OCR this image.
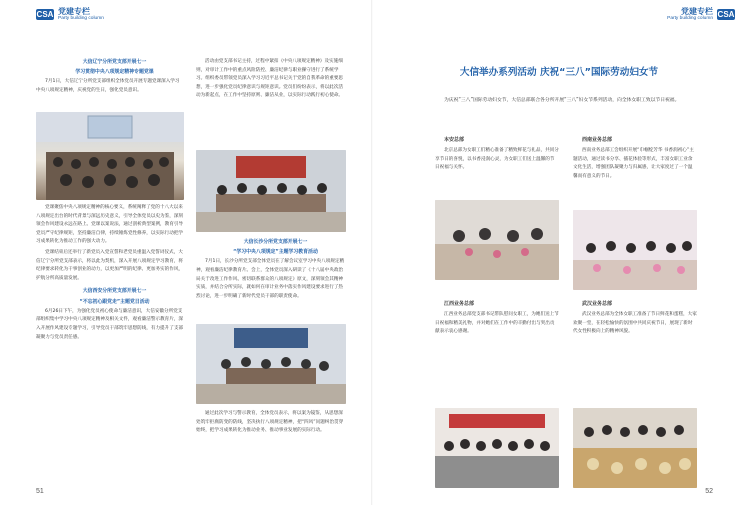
CSA 党建专栏
Party building column

大信辽宁分所党支部开展七一

学习贯彻中央八项规定精神专题党课

7月1日，大信辽宁分所党支部组织全体党员开展专题党课深入学习中央八项规定精神，庆祝党的生日，强化党员意识。

党课聚焦中央八项规定精神的核心要义，系统阐释了党的十八大以来八项规定出台的时代背景与深远历史意义，引导全体党员以史为鉴，深刻领会作风建设永远在路上。党课以案说法，通过剖析典型案例，教育引导党员严守纪律规矩，坚持廉洁自律，持续锤炼党性修养，以实际行动把学习成果转化为推动工作的强大动力。

党课结束后还举行了新党员入党宣誓和老党员重温入党誓词仪式，大信辽宁分所党支部表示，将以此为契机，深入开展八项规定学习教育，将纪律要求转化为干事创业的动力，以更加严明的纪律、更加务实的作风，护航分所高质量发展。

大信西安分所党支部开展七一

“不忘初心跟党走”主题党日活动

6月26日下午，为强化党员初心使命与廉洁意识，大信安徽分所党支部组织集中学习中央八项规定精神及相关文件，观看廉洁警示教育片，深入开展作风建设专题学习，引导党员干部筑牢思想防线，有力提升了支部凝聚力与党员责任感。

活动由党支部书记主持，过程中紧扣《中央八项规定精神》及实施细则，对审计工作中的重点风险防控、廉洁纪律与职业操守进行了系统学习。组织委员带领党员深入学习习近平总书记关于党的自我革命的重要思想，进一步强化党员纪律意识与规矩意识。党员们纷纷表示，将以此次活动为新起点，在工作中坚持原则、廉洁从业，以实际行动践行初心使命。

大信长沙分所党支部开展七一

“学习中央八项规定”主题学习教育活动

7月1日，长沙分所党支部全体党员在了解会议室学习中央八项规定精神，观看廉洁纪律教育片。会上，全体党员深入研读了《十八届中央政治局关于改进工作作风、密切联系群众的八项规定》原文，深刻领会其精神实质，并结合分所实际，就如何在审计业务中落实作风建设要求进行了热烈讨论，进一步明确了新时代党员干部的职责使命。

通过此次学习与警示教育，全体党员表示，将以案为镜鉴，从思想深处筑牢拒腐防变的防线，坚决执行八项规定精神，把“四风”问题纠治贯穿始终，把学习成果转化为推动业务、推动事业发展的实际行动。

51
CSA
党建专栏
Party building column
大信举办系列活动 庆祝“三八”国际劳动妇女节

为庆祝“三八”国际劳动妇女节，大信总部联合各分所开展“三八”妇女节系列活动，向全体女职工致以节日祝福。

本安总部

北京总部为女职工们精心准备了精致鲜花与礼品，共同分享节日的喜悦，以书香浸润心灵，为女职工们送上温馨的节日祝福与关怀。

西南业务总部

西南业务总部工会组织开展“巾帼绽芳华 书香润初心”主题活动，通过读书分享、插花体验等形式，丰富女职工业余文化生活，增强团队凝聚力与归属感，让大家度过了一个温馨而有意义的节日。

江西业务总部

江西业务总部党支部书记带队慰问女职工，为她们送上节日祝福和精美礼物，并对她们在工作中的辛勤付出与突出贡献表示衷心感谢。

武汉业务总部

武汉业务总部为全体女职工准备了节日鲜花和蛋糕，大家欢聚一堂，在轻松愉快的氛围中共同庆祝节日，展现了新时代女性积极向上的精神风貌。

52
